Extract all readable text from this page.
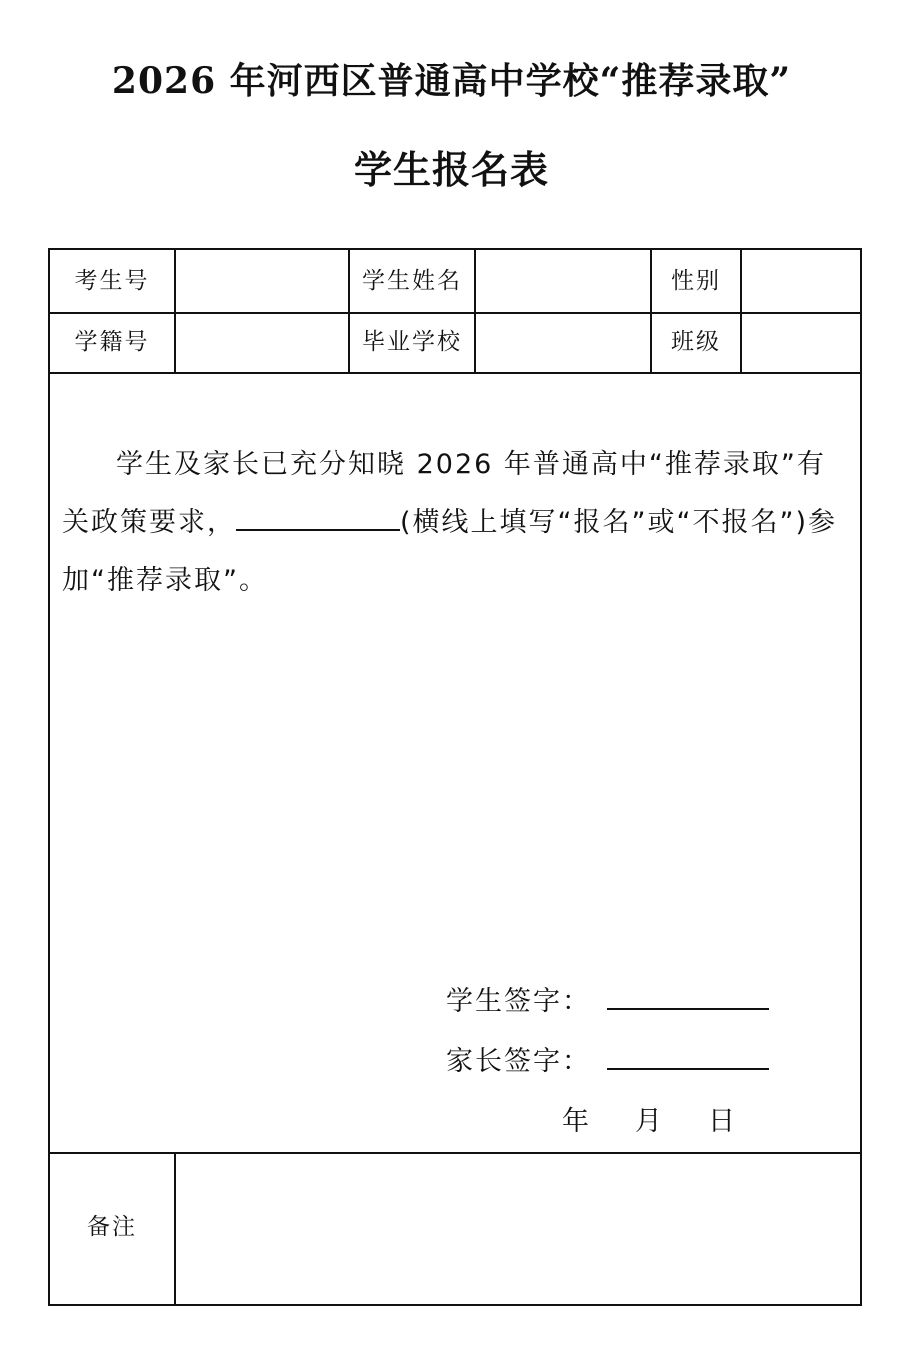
2026 年河西区普通高中学校“推荐录取”
学生报名表
考生号	学生姓名	性别
学籍号	毕业学校	班级
学生及家长已充分知晓 2026 年普通高中“推荐录取”有关政策要求，	(横线上填写“报名”或“不报名”)参加“推荐录取”。
学生签字：
家长签字：
年 月 日
备注
